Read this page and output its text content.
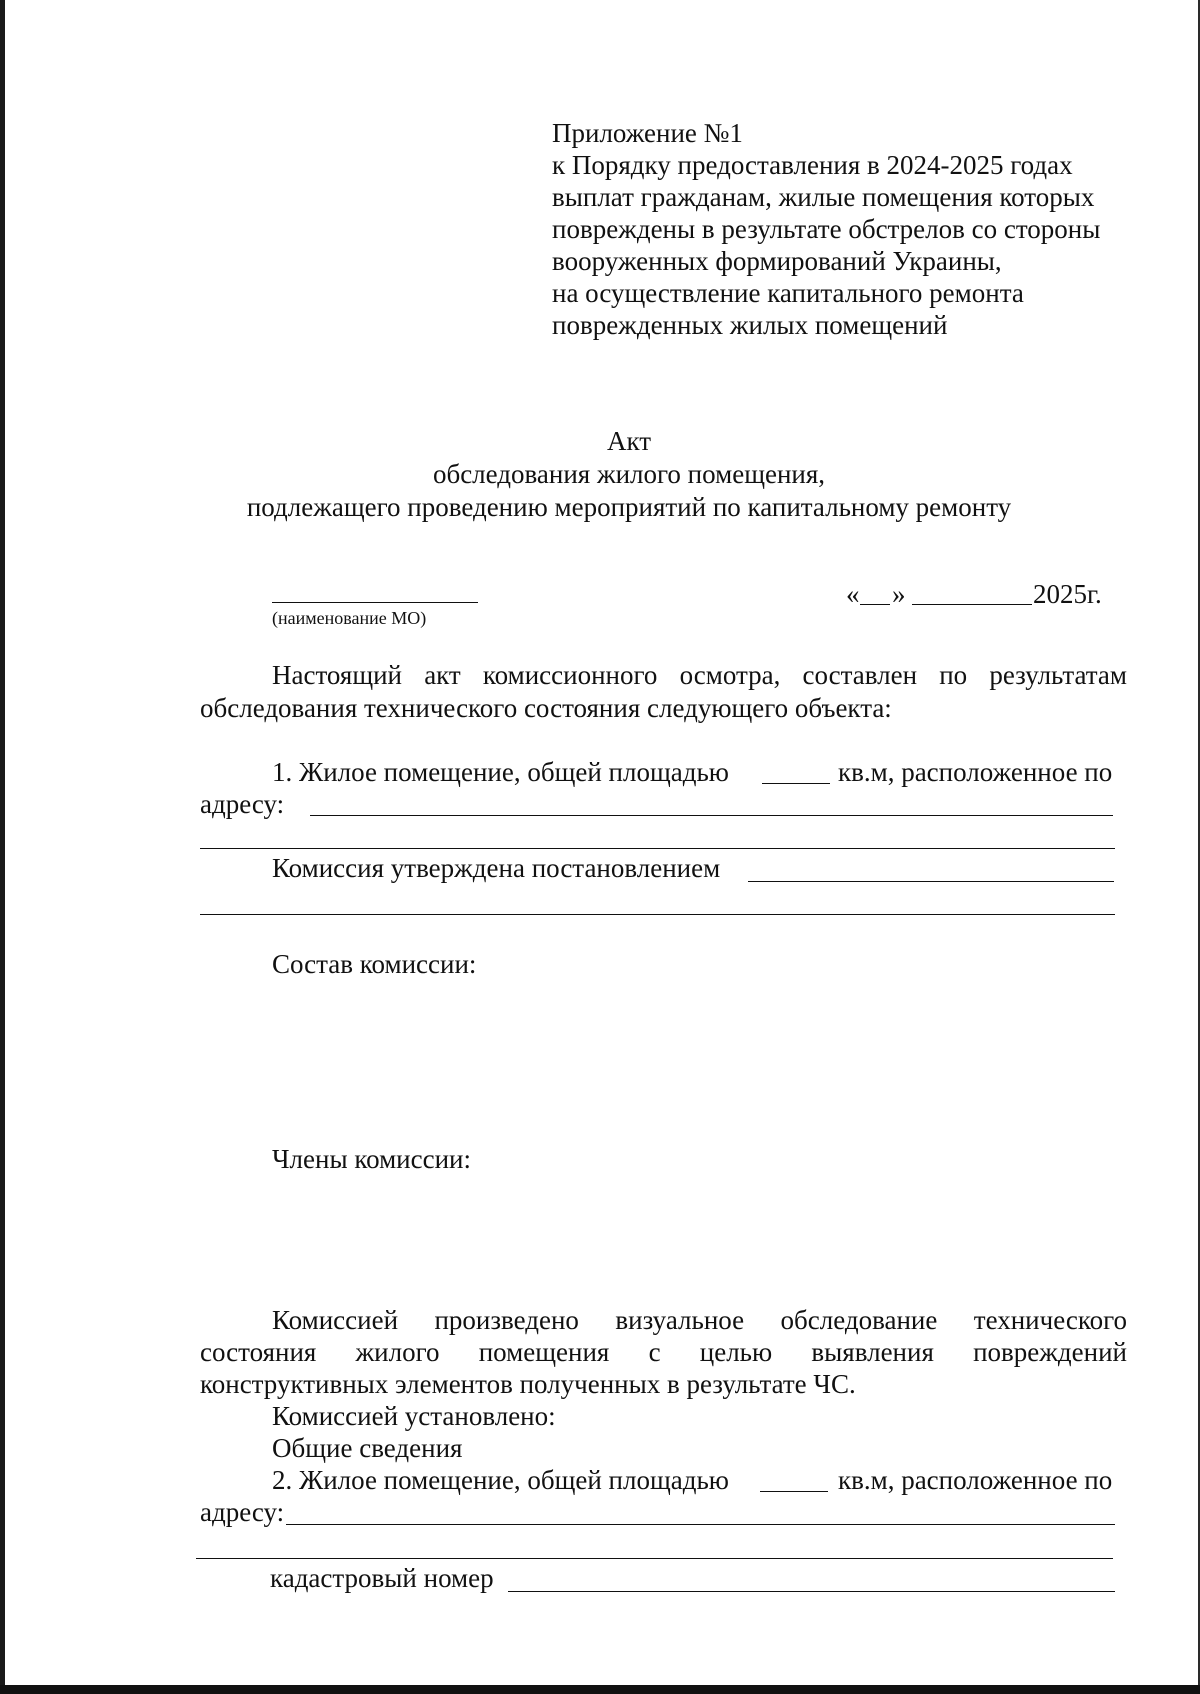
Приложение №1
к Порядку предоставления в 2024-2025 годах
выплат гражданам, жилые помещения которых
повреждены в результате обстрелов со стороны
вооруженных формирований Украины,
на осуществление капитального ремонта
поврежденных жилых помещений
Акт
обследования жилого помещения,
подлежащего проведению мероприятий по капитальному ремонту
(наименование МО)
« »	2025г.
Настоящий акт комиссионного осмотра, составлен по результатам
обследования технического состояния следующего объекта:
1. Жилое помещение, общей площадью	кв.м, расположенное по
адресу:
Комиссия утверждена постановлением
Состав комиссии:
Члены комиссии:
Комиссией произведено визуальное обследование технического
состояния жилого помещения с целью выявления повреждений
конструктивных элементов полученных в результате ЧС.
Комиссией установлено:
Общие сведения
2. Жилое помещение, общей площадью	кв.м, расположенное по
адресу:
кадастровый номер
